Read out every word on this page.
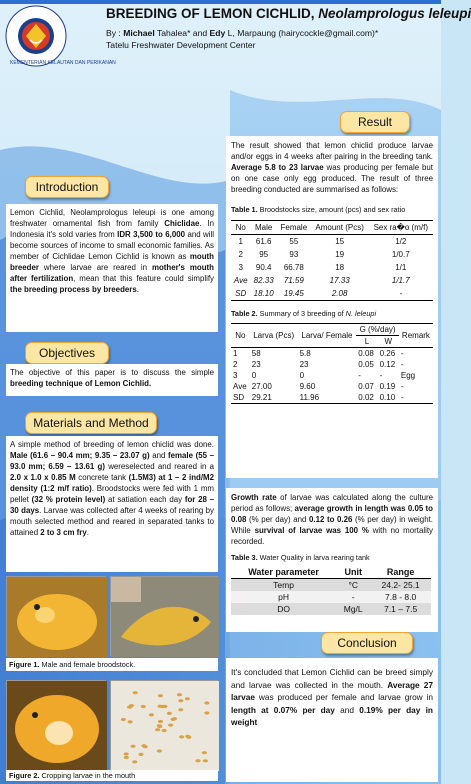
KEMENTERIAN KELAUTAN DAN PERIKANAN
BREEDING OF LEMON CICHLID, Neolamprologus leleupi
By : Michael Tahalea* and Edy L, Marpaung (hairycockle@gmail.com)*
Tatelu Freshwater Development Center
Result

The result showed that lemon chiclid produce larvae and/or eggs in 4 weeks after pairing in the breeding tank. Average 5.8 to 23 larvae was producing per female but on one case only egg produced. The result of three breeding conducted are summarised as follows:

Table 1. Broodstocks size, amount (pcs) and sex ratio
No	Male	Female	Amount (Pcs)	Sex ra�o (m/f)
1	61.6	55	15	1/2
2	95	93	19	1/0.7
3	90.4	66.78	18	1/1
Ave	82.33	71.59	17.33	1/1.7
SD	18.10	19.45	2.08	-
Table 2. Summary of 3 breeding of N. leleupi
No	Larva (Pcs)	Larva/ Female	G (%/day)		Remark
			L	W	
1	58	5.8	0.08	0.26	-
2	23	23	0.05	0.12	-
3	0	0	-	-	Egg
Ave	27.00	9.60	0.07	0.19	-
SD	29.21	11.96	0.02	0.10	-

Growth rate of larvae was calculated along the culture period as follows; average growth in length was 0.05 to 0.08 (% per day) and 0.12 to 0.26 (% per day) in weight. While survival of larvae was 100 % with no mortality recorded.

Table 3. Water Quality in larva rearing tank
Water parameter	Unit	Range
Temp	°C	24.2- 25.1
pH	-	7.8 - 8.0
DO	Mg/L	7.1 – 7.5
Conclusion

It's concluded that Lemon Cichlid can be breed simply and larvae was collected in the mouth. Average 27 larvae was produced per female and larvae grow in length at 0.07% per day and 0.19% per day in weight

Introduction

Lemon Cichlid, Neolamprologus leleupi is one among freshwater ornamental fish from family Chiclidae. In Indonesia it's sold varies from IDR 3,500 to 6,000 and will become sources of income to small economic families. As member of Cichlidae Lemon Cichlid is known as mouth breeder where larvae are reared in mother's mouth after fertilization, mean that this feature could simplify the breeding process by breeders.

Objectives

The objective of this paper is to discuss the simple breeding technique of Lemon Cichlid.

Materials and Method

A simple method of breeding of lemon chiclid was done. Male (61.6 – 90.4 mm; 9.35 – 23.07 g) and female (55 – 93.0 mm; 6.59 – 13.61 g) wereselected and reared in a 2.0 x 1.0 x 0.85 M concrete tank (1.5M3) at 1 – 2 ind/M2 density (1:2 m/f ratio). Broodstocks were fed with 1 mm pellet (32 % protein level) at satiation each day for 28 – 30 days. Larvae was collected after 4 weeks of rearing by mouth selected method and reared in separated tanks to attained 2 to 3 cm fry.

Figure 1. Male and female broodstock.
Figure 2. Cropping larvae in the mouth
